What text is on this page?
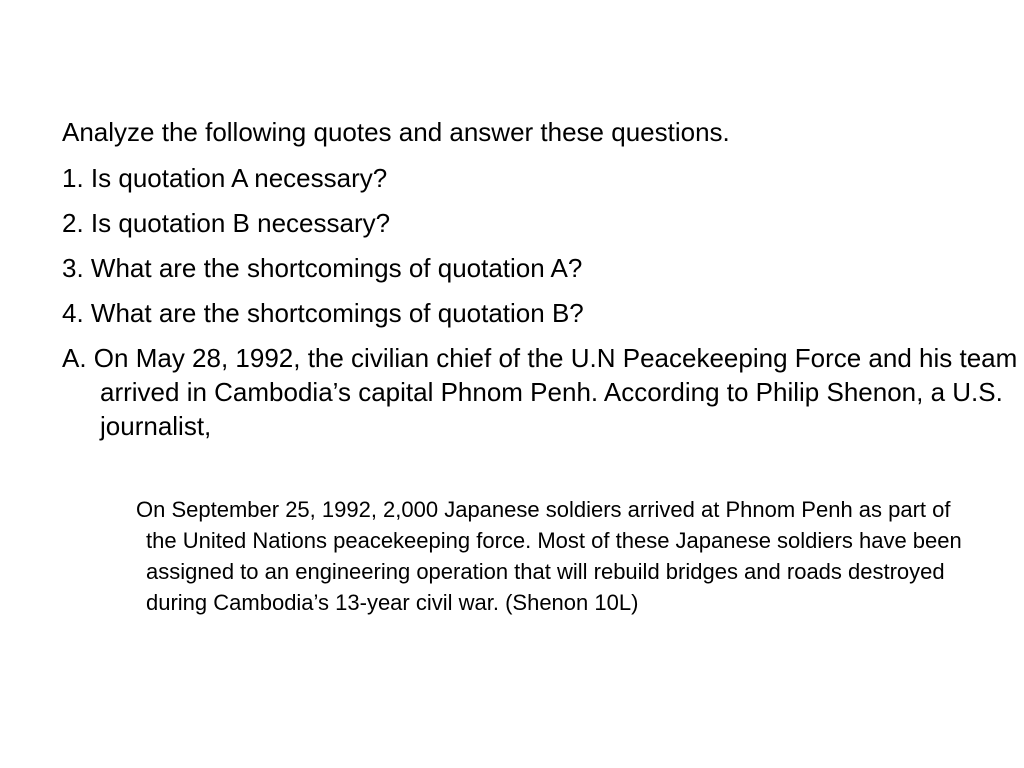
Analyze the following quotes and answer these questions.
1. Is quotation A necessary?
2. Is quotation B necessary?
3. What are the shortcomings of quotation A?
4. What are the shortcomings of quotation B?
A. On May 28, 1992, the civilian chief of the U.N Peacekeeping Force and his team arrived in Cambodia’s capital Phnom Penh. According to Philip Shenon, a U.S. journalist,
On September 25, 1992, 2,000 Japanese soldiers arrived at Phnom Penh as part of the United Nations peacekeeping force. Most of these Japanese soldiers have been assigned to an engineering operation that will rebuild bridges and roads destroyed during Cambodia’s 13-year civil war. (Shenon 10L)
